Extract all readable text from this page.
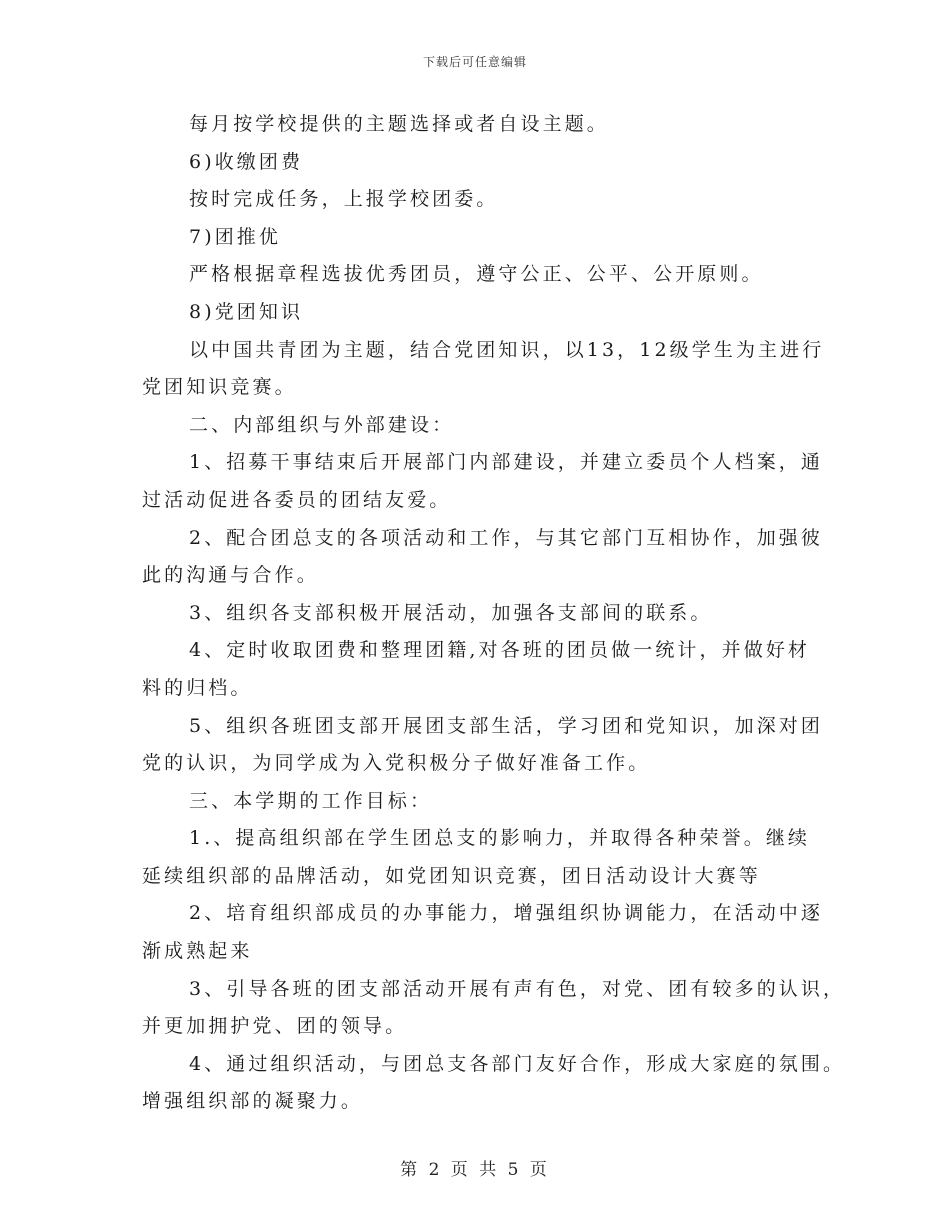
下载后可任意编辑
每月按学校提供的主题选择或者自设主题。
6)收缴团费
按时完成任务，上报学校团委。
7)团推优
严格根据章程选拔优秀团员，遵守公正、公平、公开原则。
8)党团知识
以中国共青团为主题，结合党团知识，以13，12级学生为主进行
党团知识竞赛。
二、内部组织与外部建设：
1、招募干事结束后开展部门内部建设，并建立委员个人档案，通
过活动促进各委员的团结友爱。
2、配合团总支的各项活动和工作，与其它部门互相协作，加强彼
此的沟通与合作。
3、组织各支部积极开展活动，加强各支部间的联系。
4、定时收取团费和整理团籍,对各班的团员做一统计，并做好材
料的归档。
5、组织各班团支部开展团支部生活，学习团和党知识，加深对团
党的认识，为同学成为入党积极分子做好准备工作。
三、本学期的工作目标：
1.、提高组织部在学生团总支的影响力，并取得各种荣誉。继续
延续组织部的品牌活动，如党团知识竞赛，团日活动设计大赛等
2、培育组织部成员的办事能力，增强组织协调能力，在活动中逐
渐成熟起来
3、引导各班的团支部活动开展有声有色，对党、团有较多的认识，
并更加拥护党、团的领导。
4、通过组织活动，与团总支各部门友好合作，形成大家庭的氛围。
增强组织部的凝聚力。
第 2 页 共 5 页
